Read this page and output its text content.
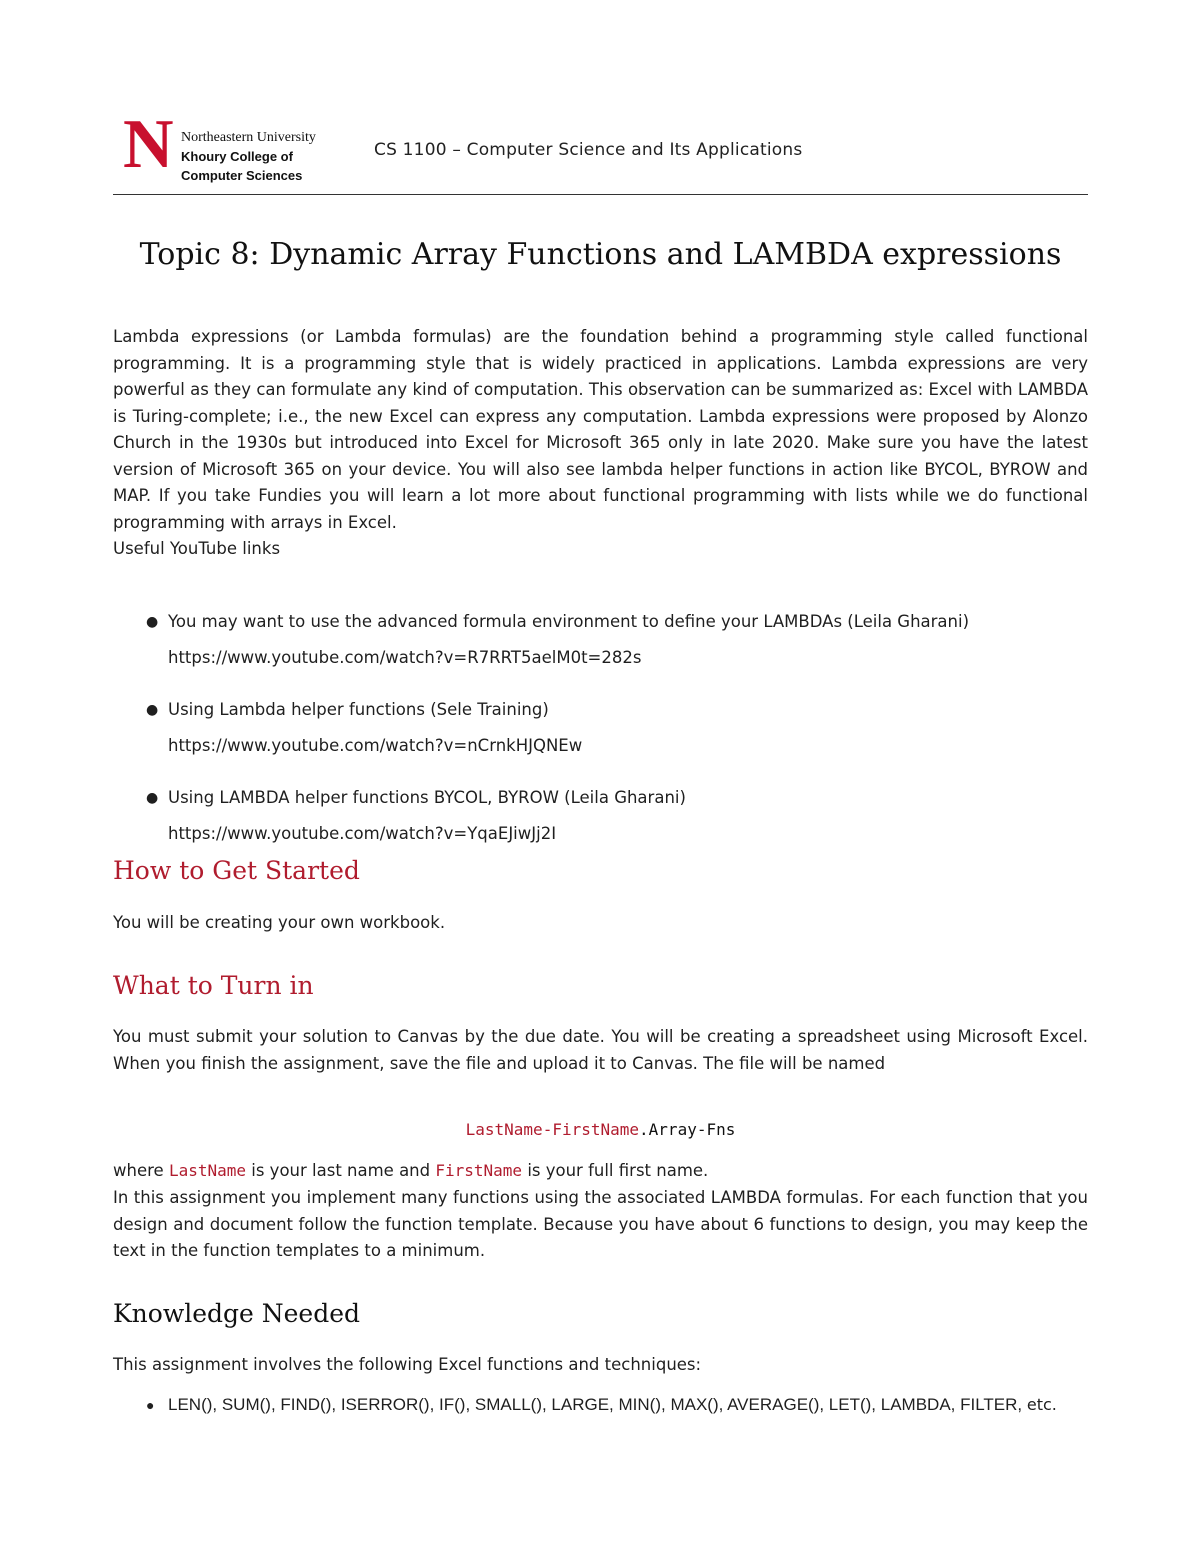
N Northeastern University
Khoury College of
Computer Sciences
CS 1100 – Computer Science and Its Applications
Topic 8: Dynamic Array Functions and LAMBDA expressions

Lambda expressions (or Lambda formulas) are the foundation behind a programming style called functional programming. It is a programming style that is widely practiced in applications. Lambda expressions are very powerful as they can formulate any kind of computation. This observation can be summarized as: Excel with LAMBDA is Turing-complete; i.e., the new Excel can express any computation. Lambda expressions were proposed by Alonzo Church in the 1930s but introduced into Excel for Microsoft 365 only in late 2020. Make sure you have the latest version of Microsoft 365 on your device. You will also see lambda helper functions in action like BYCOL, BYROW and MAP. If you take Fundies you will learn a lot more about functional programming with lists while we do functional programming with arrays in Excel.

Useful YouTube links

● You may want to use the advanced formula environment to define your LAMBDAs (Leila Gharani)
https://www.youtube.com/watch?v=R7RRT5aelM0t=282s
● Using Lambda helper functions (Sele Training)
https://www.youtube.com/watch?v=nCrnkHJQNEw
● Using LAMBDA helper functions BYCOL, BYROW (Leila Gharani)
https://www.youtube.com/watch?v=YqaEJiwJj2I
How to Get Started

You will be creating your own workbook.

What to Turn in

You must submit your solution to Canvas by the due date. You will be creating a spreadsheet using Microsoft Excel. When you finish the assignment, save the file and upload it to Canvas. The file will be named

LastName-FirstName.Array-Fns

where LastName is your last name and FirstName is your full first name.

In this assignment you implement many functions using the associated LAMBDA formulas. For each function that you design and document follow the function template. Because you have about 6 functions to design, you may keep the text in the function templates to a minimum.

Knowledge Needed

This assignment involves the following Excel functions and techniques:

● LEN(), SUM(), FIND(), ISERROR(), IF(), SMALL(), LARGE, MIN(), MAX(), AVERAGE(), LET(), LAMBDA, FILTER, etc.
